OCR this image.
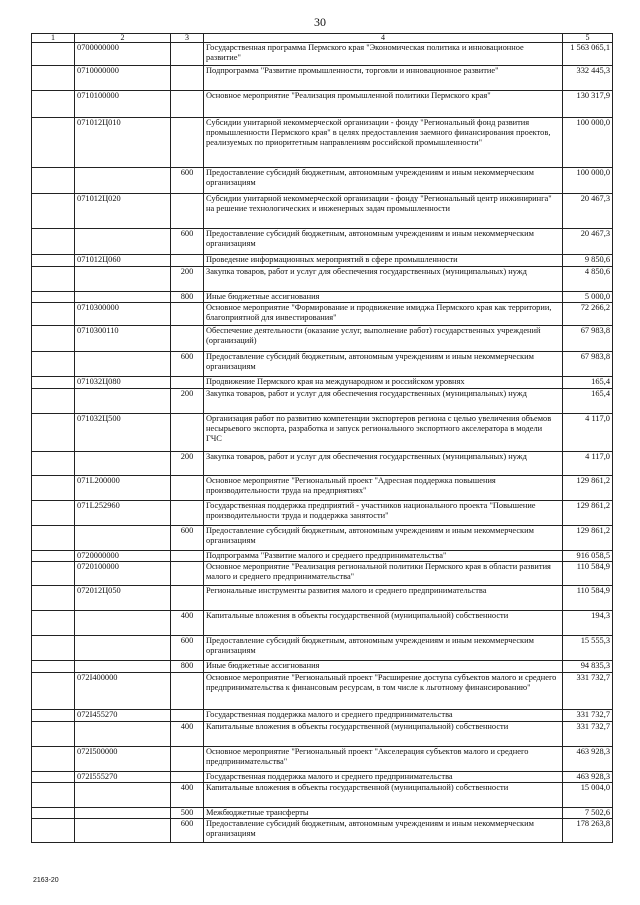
30
1	2	3	4	5
	0700000000		Государственная программа Пермского края "Экономическая политика и инновационное развитие"	1 563 065,1
	0710000000		Подпрограмма "Развитие промышленности, торговли и инновационное развитие"	332 445,3
	0710100000		Основное мероприятие "Реализация промышленной политики Пермского края"	130 317,9
	071012Ц010		Субсидии унитарной некоммерческой организации - фонду "Региональный фонд развития промышленности Пермского края" в целях предоставления заемного финансирования проектов, реализуемых по приоритетным направлениям российской промышленности"	100 000,0
		600	Предоставление субсидий бюджетным, автономным учреждениям и иным некоммерческим организациям	100 000,0
	071012Ц020		Субсидии унитарной некоммерческой организации - фонду "Региональный центр инжиниринга" на решение технологических и инженерных задач промышленности	20 467,3
		600	Предоставление субсидий бюджетным, автономным учреждениям и иным некоммерческим организациям	20 467,3
	071012Ц060		Проведение информационных мероприятий в сфере промышленности	9 850,6
		200	Закупка товаров, работ и услуг для обеспечения государственных (муниципальных) нужд	4 850,6
		800	Иные бюджетные ассигнования	5 000,0
	0710300000		Основное мероприятие "Формирование и продвижение имиджа Пермского края как территории, благоприятной для инвестирования"	72 266,2
	0710300110		Обеспечение деятельности (оказание услуг, выполнение работ) государственных учреждений (организаций)	67 983,8
		600	Предоставление субсидий бюджетным, автономным учреждениям и иным некоммерческим организациям	67 983,8
	071032Ц080		Продвижение Пермского края на международном и российском уровнях	165,4
		200	Закупка товаров, работ и услуг для обеспечения государственных (муниципальных) нужд	165,4
	071032Ц500		Организация работ по развитию компетенции экспортеров региона с целью увеличения объемов несырьевого экспорта, разработка и запуск регионального экспортного акселератора в модели ГЧС	4 117,0
		200	Закупка товаров, работ и услуг для обеспечения государственных (муниципальных) нужд	4 117,0
	071L200000		Основное мероприятие "Региональный проект "Адресная поддержка повышения производительности труда на предприятиях"	129 861,2
	071L252960		Государственная поддержка предприятий - участников национального проекта "Повышение производительности труда и поддержка занятости"	129 861,2
		600	Предоставление субсидий бюджетным, автономным учреждениям и иным некоммерческим организациям	129 861,2
	0720000000		Подпрограмма "Развитие малого и среднего предпринимательства"	916 058,5
	0720100000		Основное мероприятие "Реализация региональной политики Пермского края в области развития малого и среднего предпринимательства"	110 584,9
	072012Ц050		Региональные инструменты развития малого и среднего предпринимательства	110 584,9
		400	Капитальные вложения в объекты государственной (муниципальной) собственности	194,3
		600	Предоставление субсидий бюджетным, автономным учреждениям и иным некоммерческим организациям	15 555,3
		800	Иные бюджетные ассигнования	94 835,3
	072I400000		Основное мероприятие "Региональный проект "Расширение доступа субъектов малого и среднего предпринимательства к финансовым ресурсам, в том числе к льготному финансированию"	331 732,7
	072I455270		Государственная поддержка малого и среднего предпринимательства	331 732,7
		400	Капитальные вложения в объекты государственной (муниципальной) собственности	331 732,7
	072I500000		Основное мероприятие "Региональный проект "Акселерация субъектов малого и среднего предпринимательства"	463 928,3
	072I555270		Государственная поддержка малого и среднего предпринимательства	463 928,3
		400	Капитальные вложения в объекты государственной (муниципальной) собственности	15 004,0
		500	Межбюджетные трансферты	7 502,6
		600	Предоставление субсидий бюджетным, автономным учреждениям и иным некоммерческим организациям	178 263,8
2163-20
